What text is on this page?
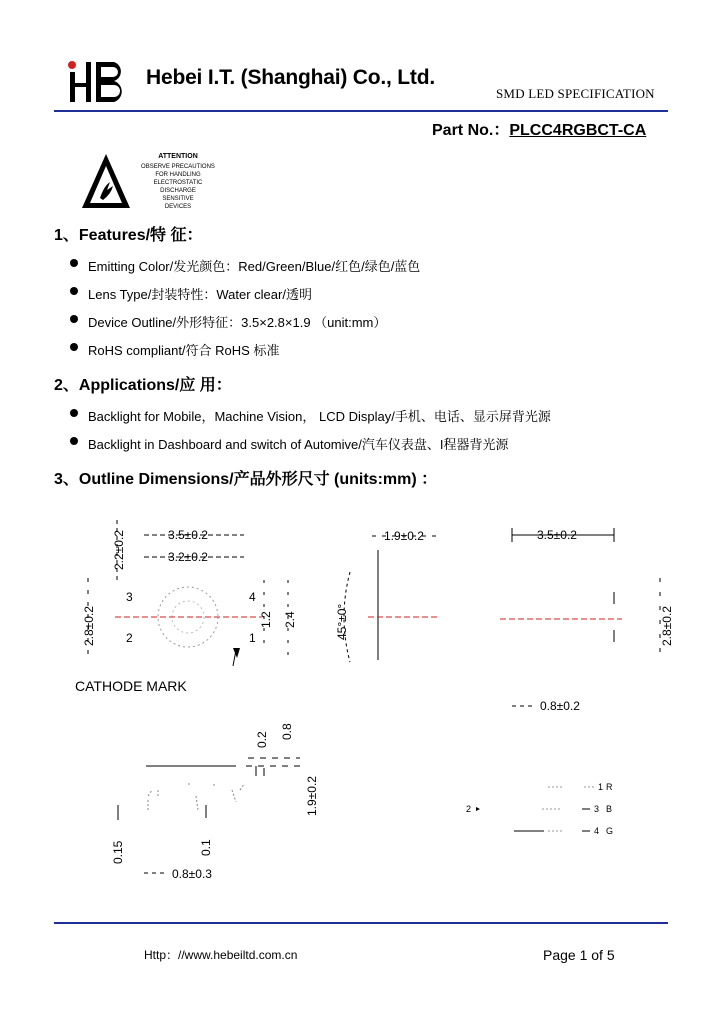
Hebei I.T. (Shanghai) Co., Ltd.
SMD LED SPECIFICATION
Part No.：PLCC4RGBCT-CA
ATTENTION
OBSERVE PRECAUTIONS
FOR HANDLING
ELECTROSTATIC
DISCHARGE
SENSITIVE
DEVICES
1、Features/特 征：
Emitting Color/发光颜色：Red/Green/Blue/红色/绿色/蓝色
Lens Type/封装特性：Water clear/透明
Device Outline/外形特征：3.5×2.8×1.9 （unit:mm）
RoHS compliant/符合 RoHS 标准
2、Applications/应 用：
Backlight for Mobile，Machine Vision， LCD Display/手机、电话、显示屏背光源
Backlight in Dashboard and switch of Automive/汽车仪表盘、I程器背光源
3、Outline Dimensions/产品外形尺寸 (units:mm) ：
3.5±0.2
3.2±0.2
2.2±0.2
2.8±0.2
3	4
2	1
1.2 2.4
CATHODE MARK
1.9±0.2
45°±0°
3.5±0.2
2.8±0.2
0.8±0.2
0.2 0.8
1.9±0.2
0.15	0.1
0.8±0.3
1 R
2	3 B
4 G
Http：//www.hebeiltd.com.cn	Page 1 of 5
